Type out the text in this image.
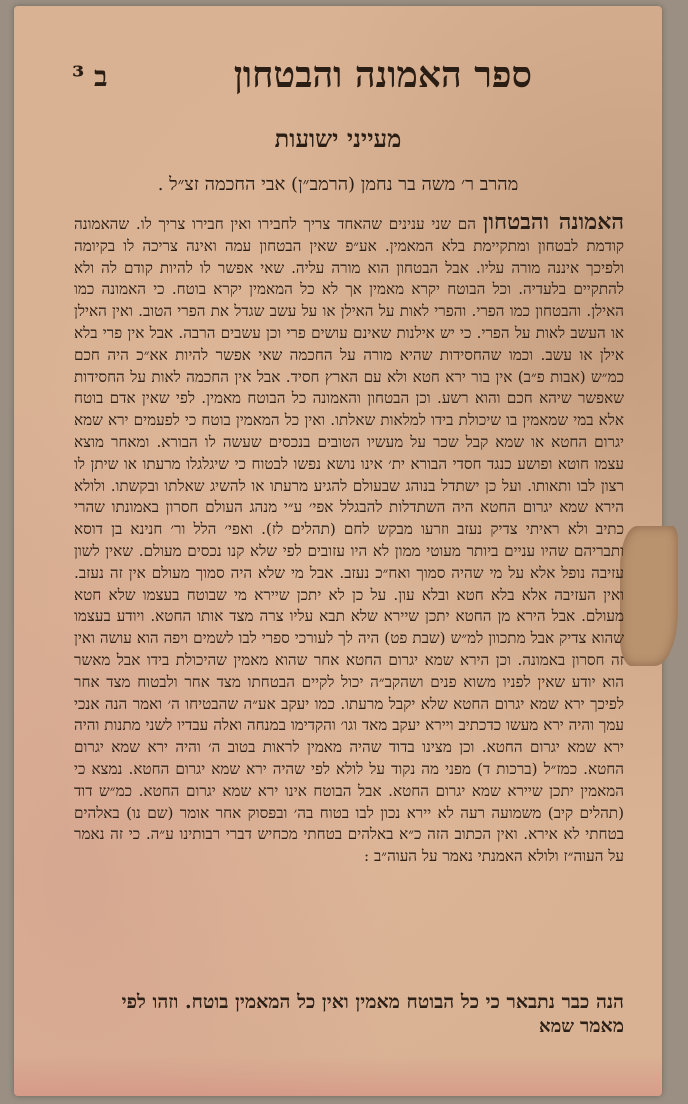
ב ³	ספר האמונה והבטחון
מעייני ישועות
מהרב ר׳ משה בר נחמן (הרמב״ן) אבי החכמה זצ״ל .
האמונה והבטחון הם שני ענינים שהאחד צריך לחבירו ואין חבירו צריך לו. שהאמונה קודמת לבטחון ומתקיימת בלא המאמין. אע״פ שאין הבטחון עמה ואינה צריכה לו בקיומה ולפיכך איננה מורה עליו. אבל הבטחון הוא מורה עליה. שאי אפשר לו להיות קודם לה ולא להתקיים בלעדיה. וכל הבוטח יקרא מאמין אך לא כל המאמין יקרא בוטח. כי האמונה כמו האילן. והבטחון כמו הפרי. והפרי לאות על האילן או על עשב שגדל את הפרי הטוב. ואין האילן או העשב לאות על הפרי. כי יש אילנות שאינם עושים פרי וכן עשבים הרבה. אבל אין פרי בלא אילן או עשב. וכמו שהחסידות שהיא מורה על החכמה שאי אפשר להיות אא״כ היה חכם כמ״ש (אבות פ״ב) אין בור ירא חטא ולא עם הארץ חסיד. אבל אין החכמה לאות על החסידות שאפשר שיהא חכם והוא רשע. וכן הבטחון והאמונה כל הבוטח מאמין. לפי שאין אדם בוטח אלא במי שמאמין בו שיכולת בידו למלאות שאלתו. ואין כל המאמין בוטח כי לפעמים ירא שמא יגרום החטא או שמא קבל שכר על מעשיו הטובים בנכסים שעשה לו הבורא. ומאחר מוצא עצמו חוטא ופושע כנגד חסדי הבורא ית׳ אינו נושא נפשו לבטוח כי שיגלגלו מרעתו או שיתן לו רצון לבו ותאותו. ועל כן ישתדל בנוהג שבעולם להגיע מרעתו או להשיג שאלתו ובקשתו. ולולא הירא שמא יגרום החטא היה השתדלות להבגלל אפי׳ ע״י מנהג העולם חסרון באמונתו שהרי כתיב ולא ראיתי צדיק נעזב וזרעו מבקש לחם (תהלים לז). ואפי׳ הלל ור׳ חנינא בן דוסא ותבריהם שהיו עניים ביותר מעוטי ממון לא היו עזובים לפי שלא קנו נכסים מעולם. שאין לשון עזיבה נופל אלא על מי שהיה סמוך ואח״כ נעזב. אבל מי שלא היה סמוך מעולם אין זה נעזב. ואין העזיבה אלא בלא חטא ובלא עון. על כן לא יתכן שיירא מי שבוטח בעצמו שלא חטא מעולם. אבל הירא מן החטא יתכן שיירא שלא תבא עליו צרה מצד אותו החטא. ויודע בעצמו שהוא צדיק אבל מתכוון למ״ש (שבת פט) היה לך לעורכי ספרי לבו לשמים ויפה הוא עושה ואין זה חסרון באמונה. וכן הירא שמא יגרום החטא אחר שהוא מאמין שהיכולת בידו אבל מאשר הוא יודע שאין לפניו משוא פנים ושהקב״ה יכול לקיים הבטחתו מצד אחר ולבטוח מצד אחר לפיכך ירא שמא יגרום החטא שלא יקבל מרעתו. כמו יעקב אע״ה שהבטיחו ה׳ ואמר הנה אנכי עמך והיה ירא מעשו כדכתיב ויירא יעקב מאד וגו׳ והקדימו במנחה ואלה עבדיו לשני מתנות והיה ירא שמא יגרום החטא. וכן מצינו בדוד שהיה מאמין לראות בטוב ה׳ והיה ירא שמא יגרום החטא. כמז״ל (ברכות ד) מפני מה נקוד על לולא לפי שהיה ירא שמא יגרום החטא. נמצא כי המאמין יתכן שיירא שמא יגרום החטא. אבל הבוטח אינו ירא שמא יגרום החטא. כמ״ש דוד (תהלים קיב) משמועה רעה לא יירא נכון לבו בטוח בה׳ ובפסוק אחר אומר (שם נו) באלהים בטחתי לא אירא. ואין הכתוב הזה כ״א באלהים בטחתי מכחיש דברי רבותינו ע״ה. כי זה נאמר על העוה״ז ולולא האמנתי נאמר על העוה״ב :
הנה כבר נתבאר כי כל הבוטח מאמין ואין כל המאמין בוטח. וזהו לפי מאמר
שמא
